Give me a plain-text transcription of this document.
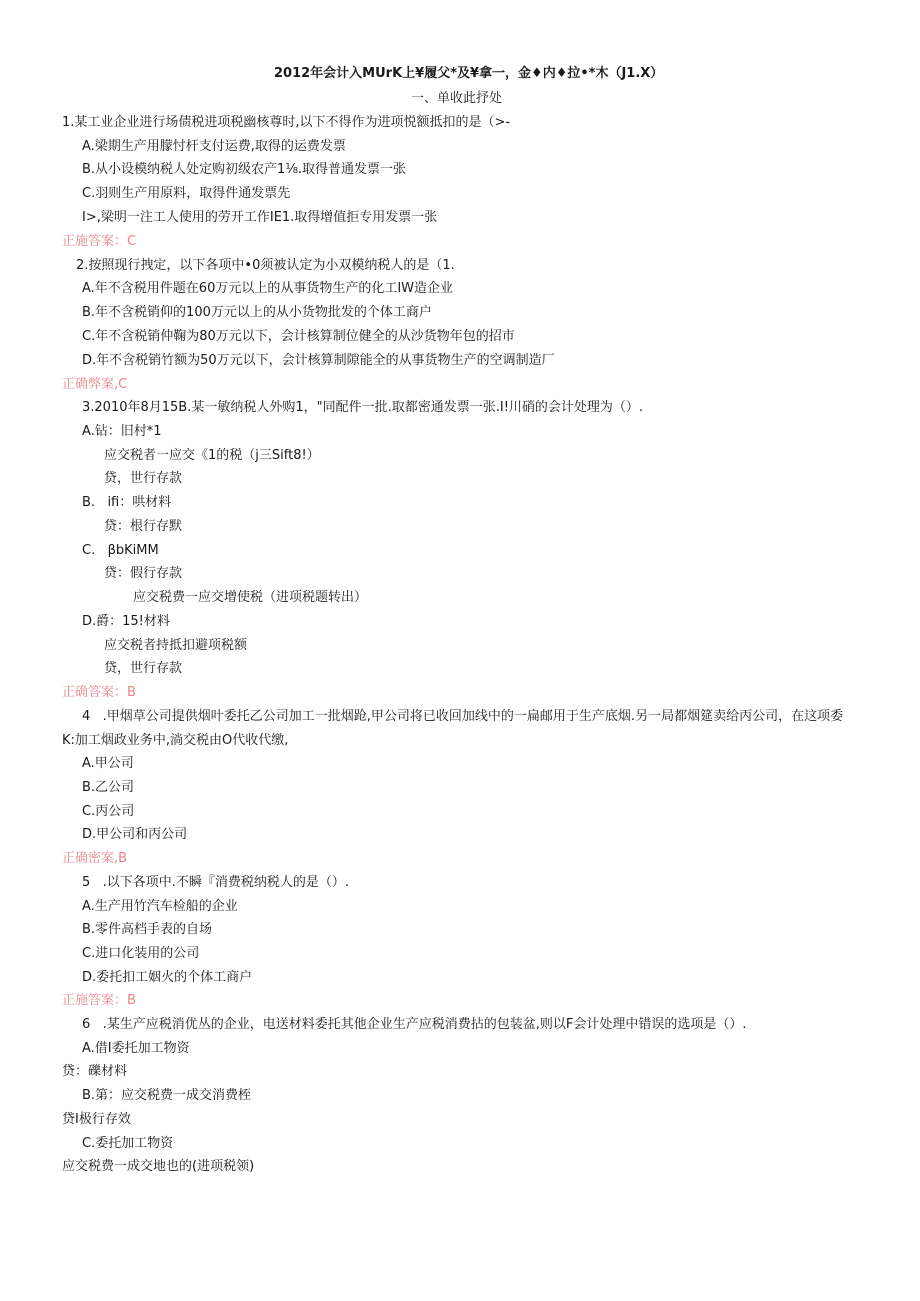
2012年会计入MUrK上¥履父*及¥拿一，金♦内♦拉•*木（J1.X）
一、单收此抒处
1.某工业企业进行场债税进项税幽核尊时,以下不得作为进项悦额抵扣的是（>-
A.梁期生产用朦忖杆支付运费,取得的运费发票
B.从小设模纳税人处定购初级农产1⅛.取得普通发票一张
C.羽则生产用原料，取得件通发票先
I>,梁明一注工人使用的劳开工作IE1.取得增值拒专用发票一张
正施答案：C
2.按照现行拽定，以下各项中•0须被认定为小双模纳税人的是（1.
A.年不含税用件题在60万元以上的从事货物生产的化工IW造企业
B.年不含税销仰的100万元以上的从小货物批发的个体工商户
C.年不含税销仲鞠为80万元以下，会计核算制位健全的从沙货物年包的招市
D.年不含税销竹额为50万元以下，会计核算制隙能全的从事货物生产的空调制造厂
正确弊案,C
3.2010年8月15B.某一敏纳税人外购1，"同配件一批.取都密通发票一张.I!川硝的会计处理为（）.
A.钻：旧村*1
应交税者一应交《1的税（j三Sift8!）
贷，世行存款
B.   ifi：哄材料
贷：根行存默
C.   βbKiMM
贷：假行存款
应交税费一应交增使税（进项税题转出）
D.爵：15!材料
应交税者持抵扣避项税额
贷，世行存款
正确答案：B
4   .甲烟草公司提供烟叶委托乙公司加工一批烟跄,甲公司将已收回加线中的一扁邮用于生产底烟.另一局都烟筵卖给丙公司，在这项委
K:加工烟政业务中,淌交税由O代收代缴,
A.甲公司
B.乙公司
C.丙公司
D.甲公司和丙公司
正确密案,B
5   .以下各项中.不瞬『消费税纳税人的是（）.
A.生产用竹汽车检船的企业
B.零件高档手表的自场
C.进口化装用的公司
D.委托扣工姻火的个体工商户
正施答案：B
6   .某生产应税消优丛的企业，电送材料委托其他企业生产应税消费拈的包装盆,则以F会计处理中错误的选项是（）.
A.借I委托加工物资
贷：礫材料
B.第：应交税费一成交消费桎
贷I极行存效
C.委托加工物资
应交税费一成交地也的(进项税领)
